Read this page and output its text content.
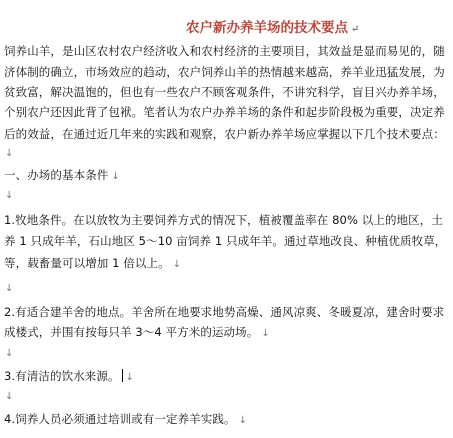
农户新办养羊场的技术要点 ↵
饲养山羊，是山区农村农户经济收入和农村经济的主要项目，其效益是显而易见的，随
济体制的确立，市场效应的趋动，农户饲养山羊的热情越来越高，养羊业迅猛发展，为
贫致富，解决温饱的，但也有一些农户不顾客观条件，不讲究科学，盲目兴办养羊场，
个别农户还因此背了包袱。笔者认为农户办养羊场的条件和起步阶段极为重要，决定养
后的效益，在通过近几年来的实践和观察，农户新办养羊场应掌握以下几个技术要点：
↓
一、办场的基本条件 ↓
↓
1.牧地条件。在以放牧为主要饲养方式的情况下，植被覆盖率在 80% 以上的地区，土
养 1 只成年羊，石山地区 5～10 亩饲养 1 只成年羊。通过草地改良、种植优质牧草，
等，载畜量可以增加 1 倍以上。 ↓
↓
2.有适合建羊舍的地点。羊舍所在地要求地势高燥、通风凉爽、冬暖夏凉，建舍时要求
成楼式，并围有按每只羊 3～4 平方米的运动场。 ↓
↓
3.有清洁的饮水来源。 ↓
↓
4.饲养人员必须通过培训或有一定养羊实践。 ↓
